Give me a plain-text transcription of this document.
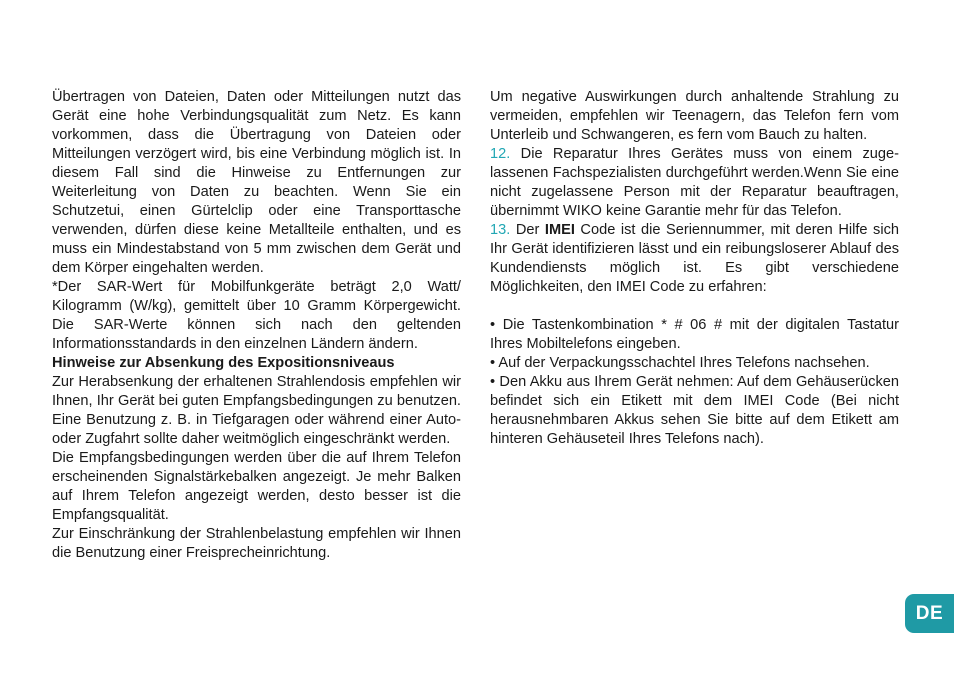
Übertragen von Dateien, Daten oder Mitteilungen nutzt das Gerät eine hohe Verbindungsqualität zum Netz. Es kann vorkommen, dass die Übertragung von Dateien oder Mitteilungen verzögert wird, bis eine Verbindung möglich ist. In diesem Fall sind die Hinweise zu Entfernungen zur Weiterleitung von Daten zu beachten. Wenn Sie ein Schutzetui, einen Gürtelclip oder eine Transporttasche verwenden, dürfen diese keine Metallteile enthalten, und es muss ein Mindestabstand von 5 mm zwischen dem Gerät und dem Körper eingehalten werden.

*Der SAR-Wert für Mobilfunkgeräte beträgt 2,0 Watt/ Kilogramm (W/kg), gemittelt über 10 Gramm Körpergewicht. Die SAR-Werte können sich nach den geltenden Informationsstandards in den einzelnen Ländern ändern.

Hinweise zur Absenkung des Expositionsniveaus

Zur Herabsenkung der erhaltenen Strahlendosis empfehlen wir Ihnen, Ihr Gerät bei guten Empfangsbedingungen zu benutzen. Eine Benutzung z. B. in Tiefgaragen oder während einer Auto-oder Zugfahrt sollte daher weitmöglich eingeschränkt werden.

Die Empfangsbedingungen werden über die auf Ihrem Telefon erscheinenden Signalstärkebalken angezeigt. Je mehr Balken auf Ihrem Telefon angezeigt werden, desto besser ist die Empfangsqualität.

Zur Einschränkung der Strahlenbelastung empfehlen wir Ihnen die Benutzung einer Freisprecheinrichtung.

Um negative Auswirkungen durch anhaltende Strahlung zu vermeiden, empfehlen wir Teenagern, das Telefon fern vom Unterleib und Schwangeren, es fern vom Bauch zu halten.

12. Die Reparatur Ihres Gerätes muss von einem zugelassenen Fachspezialisten durchgeführt werden.Wenn Sie eine nicht zugelassene Person mit der Reparatur beauftragen, übernimmt WIKO keine Garantie mehr für das Telefon.

13. Der IMEI Code ist die Seriennummer, mit deren Hilfe sich Ihr Gerät identifizieren lässt und ein reibungsloserer Ablauf des Kundendiensts möglich ist. Es gibt verschiedene Möglichkeiten, den IMEI Code zu erfahren:

• Die Tastenkombination * # 06 # mit der digitalen Tastatur Ihres Mobiltelefons eingeben.

• Auf der Verpackungsschachtel Ihres Telefons nachsehen.

• Den Akku aus Ihrem Gerät nehmen: Auf dem Gehäuserücken befindet sich ein Etikett mit dem IMEI Code (Bei nicht herausnehmbaren Akkus sehen Sie bitte auf dem Etikett am hinteren Gehäuseteil Ihres Telefons nach).

DE
